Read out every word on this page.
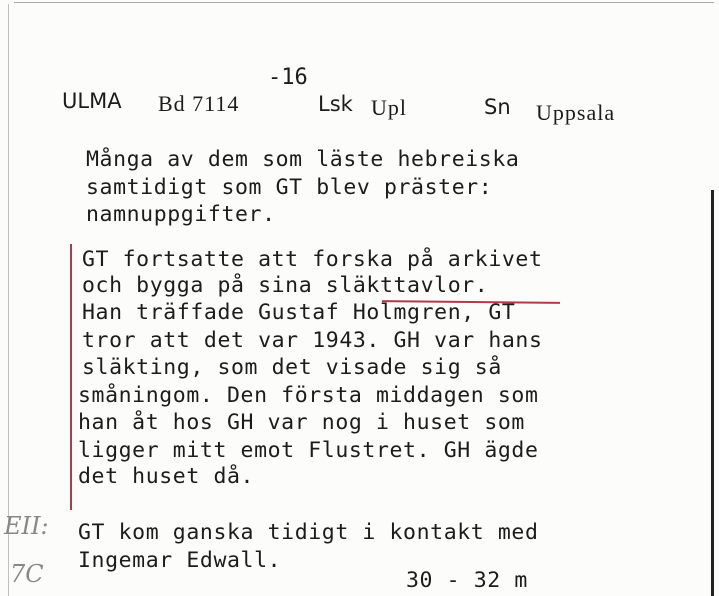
-16
ULMA Bd 7114	Lsk Upl	Sn Uppsala
Många av dem som läste hebreiska
samtidigt som GT blev präster:
namnuppgifter.
GT fortsatte att forska på arkivet
och bygga på sina släkttavlor.
Han träffade Gustaf Holmgren, GT
tror att det var 1943. GH var hans
släkting, som det visade sig så
småningom. Den första middagen som
han åt hos GH var nog i huset som
ligger mitt emot Flustret. GH ägde
det huset då.
GT kom ganska tidigt i kontakt med
Ingemar Edwall.
30 - 32 m
EII:
7C
